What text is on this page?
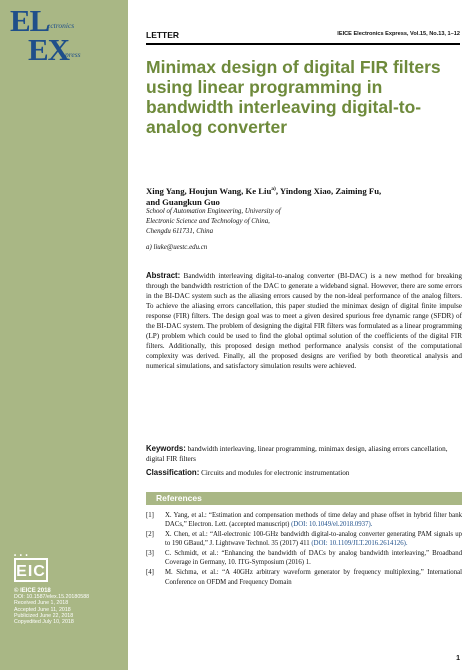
EL
ectronics
EX
press
• • •
EIC
© IEICE 2018
DOI: 10.1587/elex.15.20180588
Received June 1, 2018
Accepted June 11, 2018
Publicized June 22, 2018
Copyedited July 10, 2018
LETTER	IEICE Electronics Express, Vol.15, No.13, 1–12
Minimax design of digital FIR filters using linear programming in bandwidth interleaving digital-to-analog converter
Xing Yang, Houjun Wang, Ke Liu$^{a)}$, Yindong Xiao, Zaiming Fu,
and Guangkun Guo
School of Automation Engineering, University of
Electronic Science and Technology of China,
Chengdu 611731, China
a) liuke@uestc.edu.cn

Abstract: Bandwidth interleaving digital-to-analog converter (BI-DAC) is a new method for breaking through the bandwidth restriction of the DAC to generate a wideband signal. However, there are some errors in the BI-DAC system such as the aliasing errors caused by the non-ideal performance of the analog filters. To achieve the aliasing errors cancellation, this paper studied the minimax design of digital finite impulse response (FIR) filters. The design goal was to meet a given desired spurious free dynamic range (SFDR) of the BI-DAC system. The problem of designing the digital FIR filters was formulated as a linear programming (LP) problem which could be used to find the global optimal solution of the coefficients of the digital FIR filters. Additionally, this proposed design method performance analysis consist of the computational complexity was derived. Finally, all the proposed designs are verified by both theoretical analysis and numerical simulations, and satisfactory simulation results were achieved.

Keywords: bandwidth interleaving, linear programming, minimax design, aliasing errors cancellation, digital FIR filters

Classification: Circuits and modules for electronic instrumentation

References
[1] X. Yang, et al.: “Estimation and compensation methods of time delay and phase offset in hybrid filter bank DACs,” Electron. Lett. (accepted manuscript) (DOI: 10.1049/el.2018.0937).
[2] X. Chen, et al.: “All-electronic 100-GHz bandwidth digital-to-analog converter generating PAM signals up to 190 GBaud,” J. Lightwave Technol. 35 (2017) 411 (DOI: 10.1109/JLT.2016.2614126).
[3] C. Schmidt, et al.: “Enhancing the bandwidth of DACs by analog bandwidth interleaving,” Broadband Coverage in Germany, 10. ITG-Symposium (2016) 1.
[4] M. Sichma, et al.: “A 40GHz arbitrary waveform generator by frequency multiplexing,” International Conference on OFDM and Frequency Domain
1
